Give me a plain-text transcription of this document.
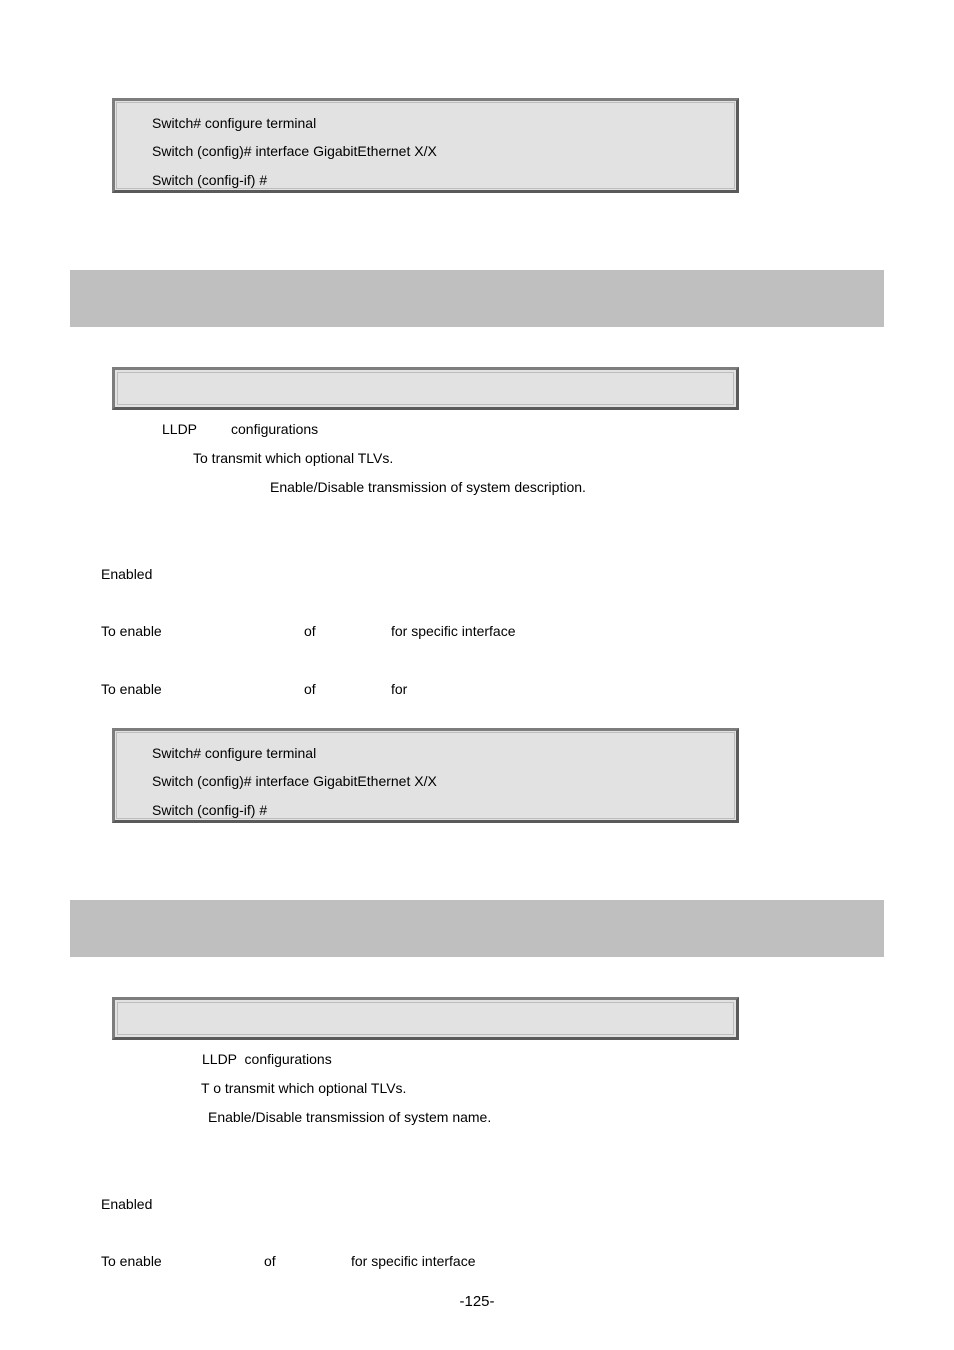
Switch# configure terminal
Switch (config)# interface GigabitEthernet X/X
Switch (config-if) #
LLDP configurations
To transmit which optional TLVs.
Enable/Disable transmission of system description.
Enabled
To enable	of	for specific interface
To enable	of	for
Switch# configure terminal
Switch (config)# interface GigabitEthernet X/X
Switch (config-if) #
LLDP  configurations
T o transmit which optional TLVs.
Enable/Disable transmission of system name.
Enabled
To enable	of	for specific interface
-125-
